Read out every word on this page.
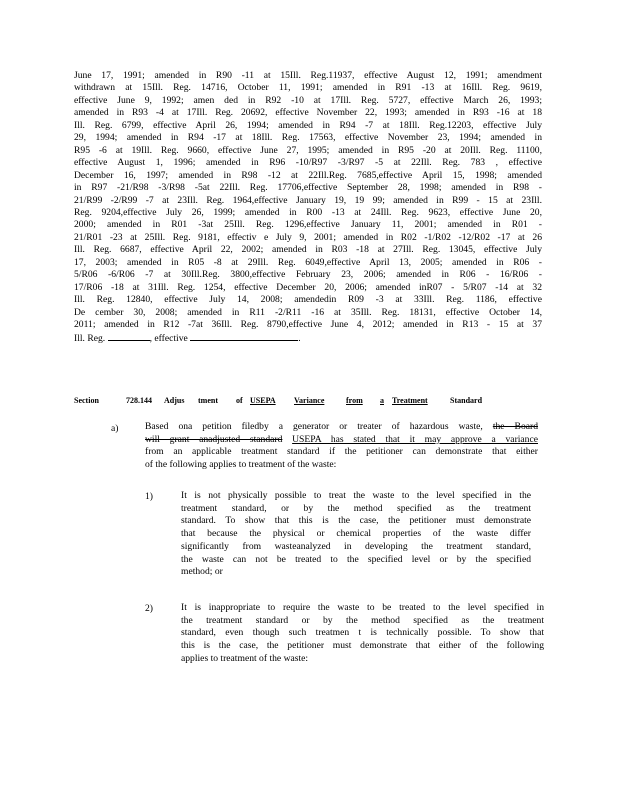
June 17, 1991; amended in R90 -11 at 15Ill. Reg.11937, effective August 12, 1991; amendment
withdrawn at 15Ill. Reg. 14716, October 11, 1991; amended in R91 -13 at 16Ill. Reg. 9619,
effective June 9, 1992; amen ded in R92 -10 at 17Ill. Reg. 5727, effective March 26, 1993;
amended in R93 -4 at 17Ill. Reg. 20692, effective November 22, 1993; amended in R93 -16 at 18
Ill. Reg. 6799, effective April 26, 1994; amended in R94 -7 at 18Ill. Reg.12203, effective July
29, 1994; amended in R94 -17 at 18Ill. Reg. 17563, effective November 23, 1994; amended in
R95 -6 at 19Ill. Reg. 9660, effective June 27, 1995; amended in R95 -20 at 20Ill. Reg. 11100,
effective August 1, 1996; amended in R96 -10/R97 -3/R97 -5 at 22Ill. Reg. 783 , effective
December 16, 1997; amended in R98 -12 at 22Ill.Reg. 7685,effective April 15, 1998; amended
in R97 -21/R98 -3/R98 -5at 22Ill. Reg. 17706,effective September 28, 1998; amended in R98 -
21/R99 -2/R99 -7 at 23Ill. Reg. 1964,effective January 19, 19 99; amended in R99 - 15 at 23Ill.
Reg. 9204,effective July 26, 1999; amended in R00 -13 at 24Ill. Reg. 9623, effective June 20,
2000; amended in R01 -3at 25Ill. Reg. 1296,effective January 11, 2001; amended in R01 -
21/R01 -23 at 25Ill. Reg. 9181, effectiv e July 9, 2001; amended in R02 -1/R02 -12/R02 -17 at 26
Ill. Reg. 6687, effective April 22, 2002; amended in R03 -18 at 27Ill. Reg. 13045, effective July
17, 2003; amended in R05 -8 at 29Ill. Reg. 6049,effective April 13, 2005; amended in R06 -
5/R06 -6/R06 -7 at 30Ill.Reg. 3800,effective February 23, 2006; amended in R06 - 16/R06 -
17/R06 -18 at 31Ill. Reg. 1254, effective December 20, 2006; amended inR07 - 5/R07 -14 at 32
Ill. Reg. 12840, effective July 14, 2008; amendedin R09 -3 at 33Ill. Reg. 1186, effective
De cember 30, 2008; amended in R11 -2/R11 -16 at 35Ill. Reg. 18131, effective October 14,
2011; amended in R12 -7at 36Ill. Reg. 8790,effective June 4, 2012; amended in R13 - 15 at 37
Ill. Reg.	, effective	.
Section	728.144 Adjus tment of USEPA Variance	from a Treatment	Standard
a)	Based ona petition filedby a generator or treater of hazardous waste, the Board
will grant anadjusted standard USEPA has stated that it may approve a variance
from an applicable treatment standard if the petitioner can demonstrate that either
of the following applies to treatment of the waste:
1)	It is not physically possible to treat the waste to the level specified in the
treatment standard, or by the method specified as the treatment
standard. To show that this is the case, the petitioner must demonstrate
that because the physical or chemical properties of the waste differ
significantly from wasteanalyzed in developing the treatment standard,
the waste can not be treated to the specified level or by the specified
method; or
2)	It is inappropriate to require the waste to be treated to the level specified in
the treatment standard or by the method specified as the treatment
standard, even though such treatmen t is technically possible. To show that
this is the case, the petitioner must demonstrate that either of the following
applies to treatment of the waste:
